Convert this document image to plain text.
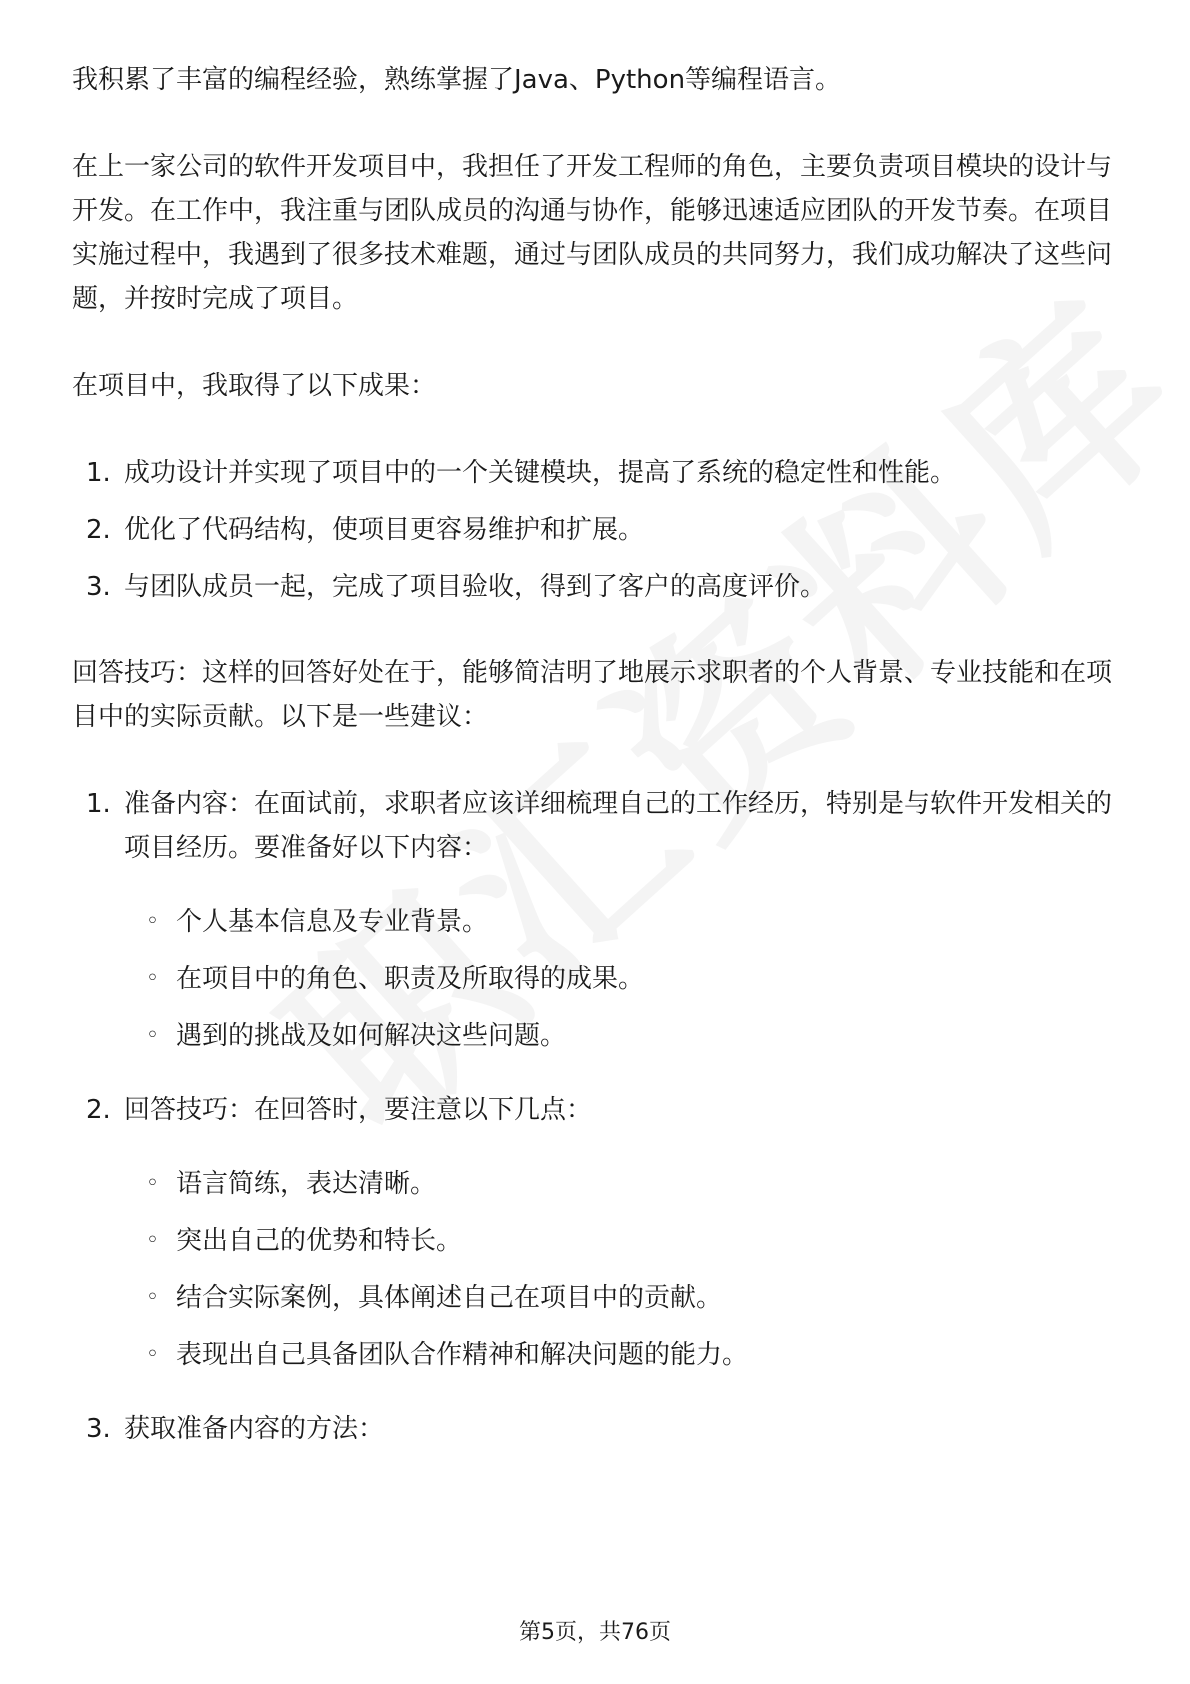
我积累了丰富的编程经验，熟练掌握了Java、Python等编程语言。

在上一家公司的软件开发项目中，我担任了开发工程师的角色，主要负责项目模块的设计与开发。在工作中，我注重与团队成员的沟通与协作，能够迅速适应团队的开发节奏。在项目实施过程中，我遇到了很多技术难题，通过与团队成员的共同努力，我们成功解决了这些问题，并按时完成了项目。

在项目中，我取得了以下成果：

1. 成功设计并实现了项目中的一个关键模块，提高了系统的稳定性和性能。
2. 优化了代码结构，使项目更容易维护和扩展。
3. 与团队成员一起，完成了项目验收，得到了客户的高度评价。

回答技巧：这样的回答好处在于，能够简洁明了地展示求职者的个人背景、专业技能和在项目中的实际贡献。以下是一些建议：

1. 准备内容：在面试前，求职者应该详细梳理自己的工作经历，特别是与软件开发相关的项目经历。要准备好以下内容：
◦ 个人基本信息及专业背景。
◦ 在项目中的角色、职责及所取得的成果。
◦ 遇到的挑战及如何解决这些问题。
2. 回答技巧：在回答时，要注意以下几点：
◦ 语言简练，表达清晰。
◦ 突出自己的优势和特长。
◦ 结合实际案例，具体阐述自己在项目中的贡献。
◦ 表现出自己具备团队合作精神和解决问题的能力。
3. 获取准备内容的方法：
第5页，共76页
